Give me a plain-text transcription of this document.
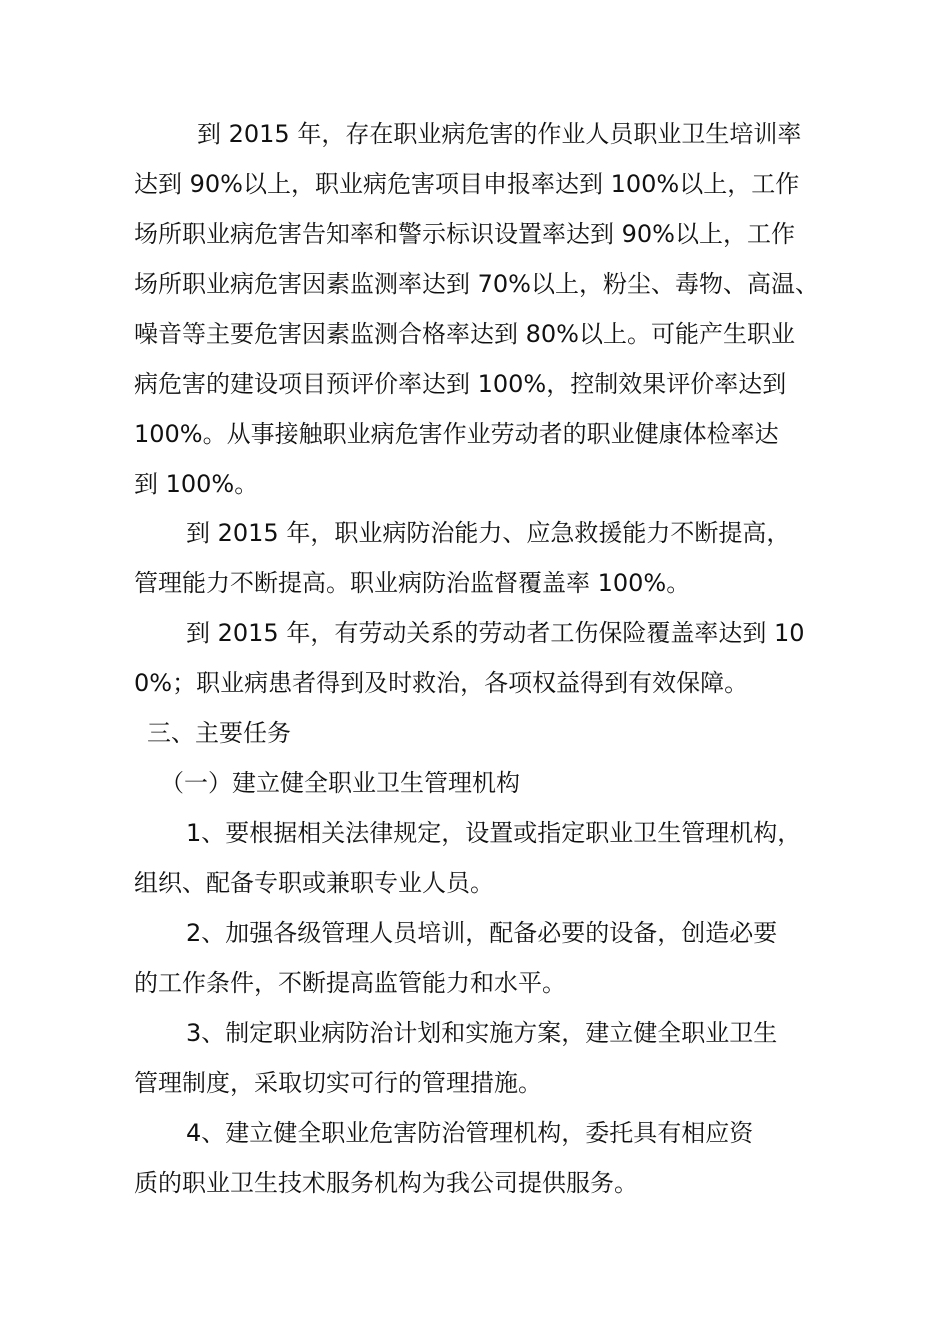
到 2015 年，存在职业病危害的作业人员职业卫生培训率

达到 90%以上，职业病危害项目申报率达到 100%以上，工作

场所职业病危害告知率和警示标识设置率达到 90%以上，工作

场所职业病危害因素监测率达到 70%以上，粉尘、毒物、高温、

噪音等主要危害因素监测合格率达到 80%以上。可能产生职业

病危害的建设项目预评价率达到 100%，控制效果评价率达到

100%。从事接触职业病危害作业劳动者的职业健康体检率达

到 100%。

到 2015 年，职业病防治能力、应急救援能力不断提高，

管理能力不断提高。职业病防治监督覆盖率 100%。

到 2015 年，有劳动关系的劳动者工伤保险覆盖率达到 10

0%；职业病患者得到及时救治，各项权益得到有效保障。

三、主要任务

（一）建立健全职业卫生管理机构

1、要根据相关法律规定，设置或指定职业卫生管理机构，

组织、配备专职或兼职专业人员。

2、加强各级管理人员培训，配备必要的设备，创造必要

的工作条件，不断提高监管能力和水平。

3、制定职业病防治计划和实施方案，建立健全职业卫生

管理制度，采取切实可行的管理措施。

4、建立健全职业危害防治管理机构，委托具有相应资

质的职业卫生技术服务机构为我公司提供服务。
